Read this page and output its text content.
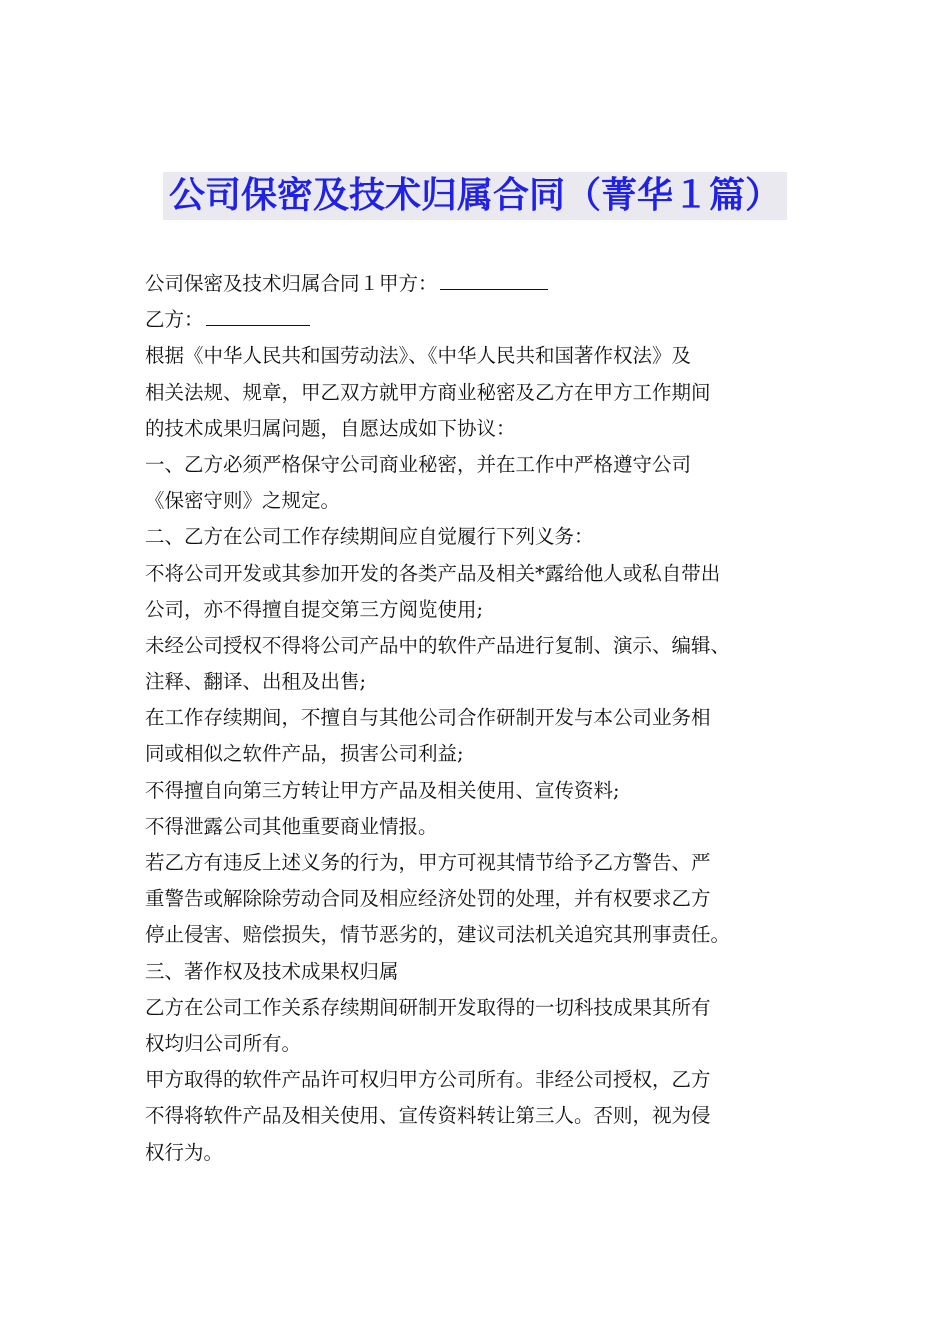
公司保密及技术归属合同（菁华１篇）
公司保密及技术归属合同１甲方：
乙方：
根据《中华人民共和国劳动法》、《中华人民共和国著作权法》及
相关法规、规章，甲乙双方就甲方商业秘密及乙方在甲方工作期间
的技术成果归属问题，自愿达成如下协议：
一、乙方必须严格保守公司商业秘密，并在工作中严格遵守公司
《保密守则》之规定。
二、乙方在公司工作存续期间应自觉履行下列义务：
不将公司开发或其参加开发的各类产品及相关*露给他人或私自带出
公司，亦不得擅自提交第三方阅览使用;
未经公司授权不得将公司产品中的软件产品进行复制、演示、编辑、
注释、翻译、出租及出售;
在工作存续期间，不擅自与其他公司合作研制开发与本公司业务相
同或相似之软件产品，损害公司利益;
不得擅自向第三方转让甲方产品及相关使用、宣传资料;
不得泄露公司其他重要商业情报。
若乙方有违反上述义务的行为，甲方可视其情节给予乙方警告、严
重警告或解除除劳动合同及相应经济处罚的处理，并有权要求乙方
停止侵害、赔偿损失，情节恶劣的，建议司法机关追究其刑事责任。
三、著作权及技术成果权归属
乙方在公司工作关系存续期间研制开发取得的一切科技成果其所有
权均归公司所有。
甲方取得的软件产品许可权归甲方公司所有。非经公司授权，乙方
不得将软件产品及相关使用、宣传资料转让第三人。否则，视为侵
权行为。
